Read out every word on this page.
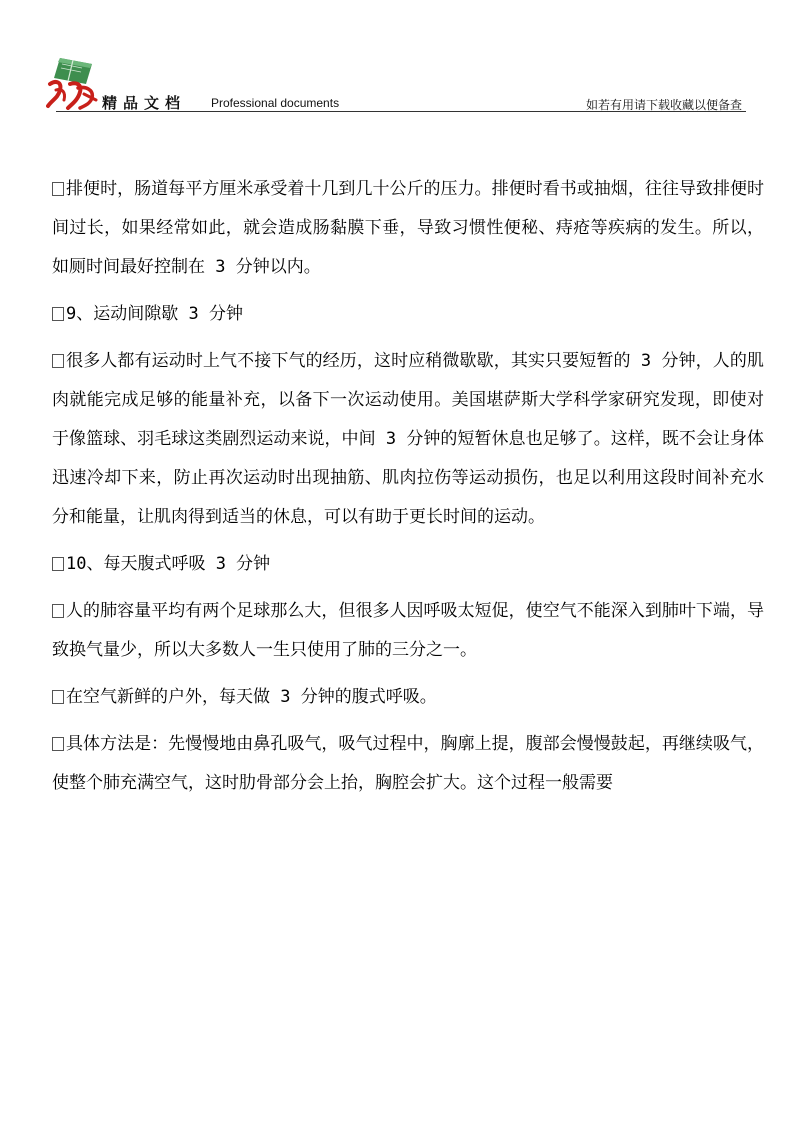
精品文档 Professional documents	如若有用请下载收藏以便备查

排便时，肠道每平方厘米承受着十几到几十公斤的压力。排便时看书或抽烟，往往导致排便时间过长，如果经常如此，就会造成肠黏膜下垂，导致习惯性便秘、痔疮等疾病的发生。所以，如厕时间最好控制在 3 分钟以内。

9、运动间隙歇 3 分钟

很多人都有运动时上气不接下气的经历，这时应稍微歇歇，其实只要短暂的 3 分钟，人的肌肉就能完成足够的能量补充，以备下一次运动使用。美国堪萨斯大学科学家研究发现，即使对于像篮球、羽毛球这类剧烈运动来说，中间 3 分钟的短暂休息也足够了。这样，既不会让身体迅速冷却下来，防止再次运动时出现抽筋、肌肉拉伤等运动损伤，也足以利用这段时间补充水分和能量，让肌肉得到适当的休息，可以有助于更长时间的运动。

10、每天腹式呼吸 3 分钟

人的肺容量平均有两个足球那么大，但很多人因呼吸太短促，使空气不能深入到肺叶下端，导致换气量少，所以大多数人一生只使用了肺的三分之一。

在空气新鲜的户外，每天做 3 分钟的腹式呼吸。

具体方法是：先慢慢地由鼻孔吸气，吸气过程中，胸廓上提，腹部会慢慢鼓起，再继续吸气，使整个肺充满空气，这时肋骨部分会上抬，胸腔会扩大。这个过程一般需要
